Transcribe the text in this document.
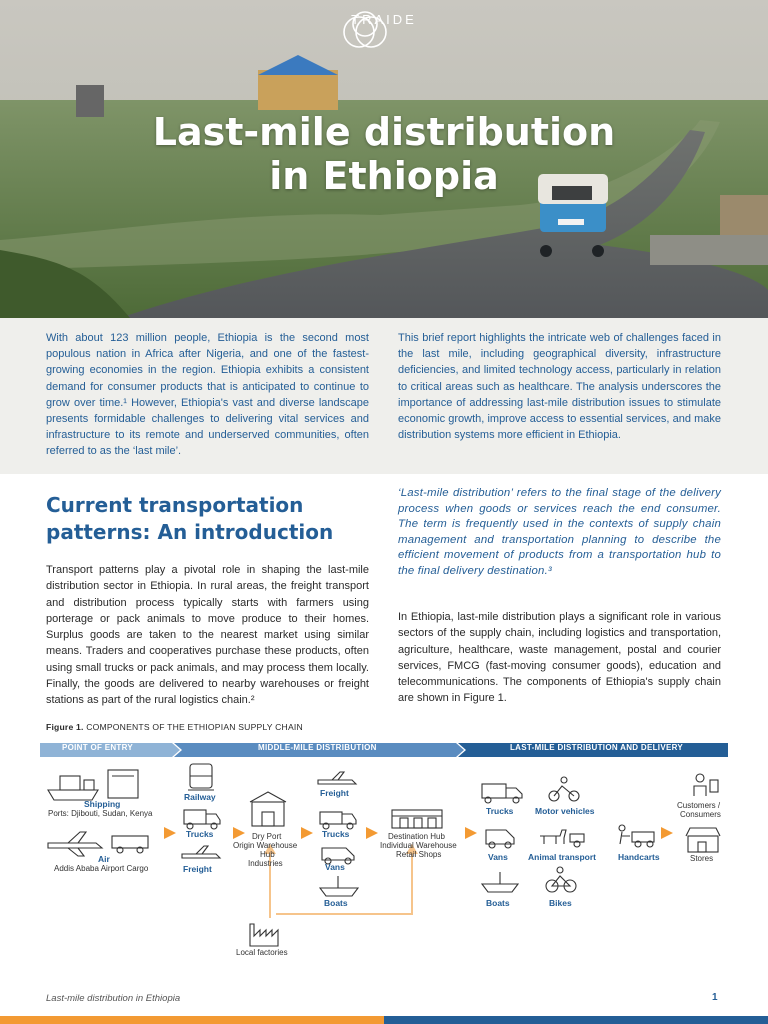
TRAIDE
Last-mile distribution
in Ethiopia

With about 123 million people, Ethiopia is the second most populous nation in Africa after Nigeria, and one of the fastest-growing economies in the region. Ethiopia exhibits a consistent demand for consumer products that is anticipated to continue to grow over time.¹ However, Ethiopia's vast and diverse landscape presents formidable challenges to delivering vital services and infrastructure to its remote and underserved communities, often referred to as the ‘last mile’.

This brief report highlights the intricate web of challenges faced in the last mile, including geographical diversity, infrastructure deficiencies, and limited technology access, particularly in relation to critical areas such as healthcare. The analysis underscores the importance of addressing last-mile distribution issues to stimulate economic growth, improve access to essential services, and make distribution systems more efficient in Ethiopia.

Current transportation patterns: An introduction

Transport patterns play a pivotal role in shaping the last-mile distribution sector in Ethiopia. In rural areas, the freight transport and distribution process typically starts with farmers using porterage or pack animals to move produce to their homes. Surplus goods are taken to the nearest market using similar means. Traders and cooperatives purchase these products, often using small trucks or pack animals, and may process them locally. Finally, the goods are delivered to nearby warehouses or freight stations as part of the rural logistics chain.²

‘Last-mile distribution’ refers to the final stage of the delivery process when goods or services reach the end consumer. The term is frequently used in the contexts of supply chain management and transportation planning to describe the efficient movement of products from a transportation hub to the final delivery destination.³

In Ethiopia, last-mile distribution plays a significant role in various sectors of the supply chain, including logistics and transportation, agriculture, healthcare, waste management, postal and courier services, FMCG (fast-moving consumer goods), education and telecommunications. The components of Ethiopia's supply chain are shown in Figure 1.

Figure 1. COMPONENTS OF THE ETHIOPIAN SUPPLY CHAIN
POINT OF ENTRY	MIDDLE-MILE DISTRIBUTION	LAST-MILE DISTRIBUTION AND DELIVERY
Shipping
Ports: Djibouti, Sudan, Kenya
Air
Addis Ababa Airport Cargo
Railway
Trucks
Freight
Dry Port
Origin Warehouse
Hub
Industries
Local factories
Freight
Trucks
Vans
Boats
Destination Hub
Individual Warehouse
Retail Shops
Trucks	Motor vehicles
Vans Animal transport	Handcarts
Boats	Bikes
Customers /
Consumers
Stores
Last-mile distribution in Ethiopia	1
